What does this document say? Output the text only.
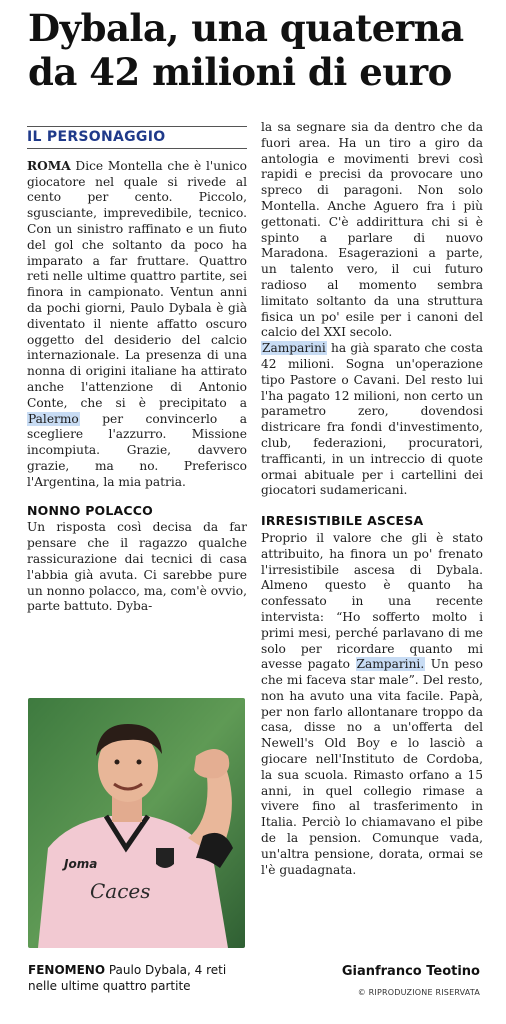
Dybala, una quaterna
da 42 milioni di euro
IL PERSONAGGIO

ROMA Dice Montella che è l'unico giocatore nel quale si rivede al cento per cento. Piccolo, sgusciante, imprevedibile, tecnico. Con un sinistro raffinato e un fiuto del gol che soltanto da poco ha imparato a far fruttare. Quattro reti nelle ultime quattro partite, sei finora in campionato. Ventun anni da pochi giorni, Paulo Dybala è già diventato il niente affatto oscuro oggetto del desiderio del calcio internazionale. La presenza di una nonna di origini italiane ha attirato anche l'attenzione di Antonio Conte, che si è precipitato a Palermo per convincerlo a scegliere l'azzurro. Missione incompiuta. Grazie, davvero grazie, ma no. Preferisco l'Argentina, la mia patria.

NONNO POLACCO

Un risposta così decisa da far pensare che il ragazzo qualche rassicurazione dai tecnici di casa l'abbia già avuta. Ci sarebbe pure un nonno polacco, ma, com'è ovvio, parte battuto. Dyba-

Joma
Caces
FENOMENO Paulo Dybala, 4 reti nelle ultime quattro partite

la sa segnare sia da dentro che da fuori area. Ha un tiro a giro da antologia e movimenti brevi così rapidi e precisi da provocare uno spreco di paragoni. Non solo Montella. Anche Aguero fra i più gettonati. C'è addirittura chi si è spinto a parlare di nuovo Maradona. Esagerazioni a parte, un talento vero, il cui futuro radioso al momento sembra limitato soltanto da una struttura fisica un po' esile per i canoni del calcio del XXI secolo.

Zamparini ha già sparato che costa 42 milioni. Sogna un'operazione tipo Pastore o Cavani. Del resto lui l'ha pagato 12 milioni, non certo un parametro zero, dovendosi districare fra fondi d'investimento, club, federazioni, procuratori, trafficanti, in un intreccio di quote ormai abituale per i cartellini dei giocatori sudamericani.

IRRESISTIBILE ASCESA

Proprio il valore che gli è stato attribuito, ha finora un po' frenato l'irresistibile ascesa di Dybala. Almeno questo è quanto ha confessato in una recente intervista: “Ho sofferto molto i primi mesi, perché parlavano di me solo per ricordare quanto mi avesse pagato Zamparini. Un peso che mi faceva star male”. Del resto, non ha avuto una vita facile. Papà, per non farlo allontanare troppo da casa, disse no a un'offerta del Newell's Old Boy e lo lasciò a giocare nell'Instituto de Cordoba, la sua scuola. Rimasto orfano a 15 anni, in quel collegio rimase a vivere fino al trasferimento in Italia. Perciò lo chiamavano el pibe de la pension. Comunque vada, un'altra pensione, dorata, ormai se l'è guadagnata.

Gianfranco Teotino
© RIPRODUZIONE RISERVATA
